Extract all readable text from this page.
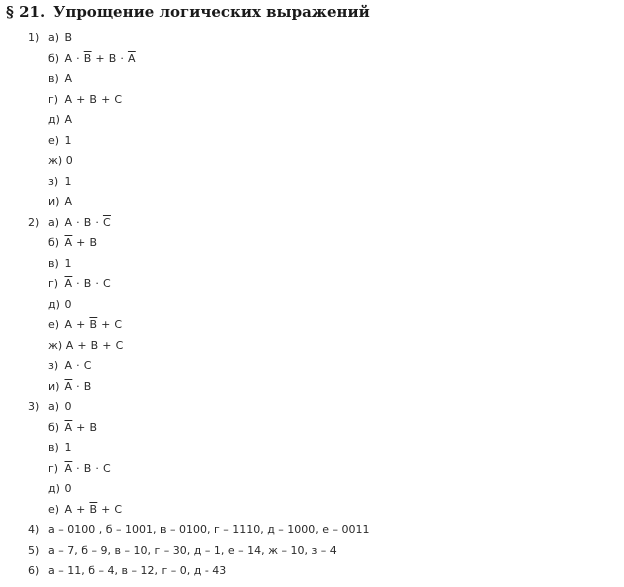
§ 21. Упрощение логических выражений
1) а) B
б) $A \cdot \overline{B} + B \cdot \overline{A}$
в) A
г) A + B + C
д) A
е) 1
ж) 0
з) 1
и) A
2) а) $A \cdot B \cdot \overline{C}$
б) $\overline{A} + B$
в) 1
г) $\overline{A} \cdot B \cdot C$
д) 0
е) $A + \overline{B} + C$
ж) A + B + C
з) A · C
и) $\overline{A} \cdot B$
3) а) 0
б) $\overline{A} + B$
в) 1
г) $\overline{A} \cdot B \cdot C$
д) 0
е) $A + \overline{B} + C$
4) а – 0100 , б – 1001, в – 0100, г – 1110, д – 1000, е – 0011
5) а – 7, б – 9, в – 10, г – 30, д – 1, е – 14, ж – 10, з – 4
6) а – 11, б – 4, в – 12, г – 0, д - 43
